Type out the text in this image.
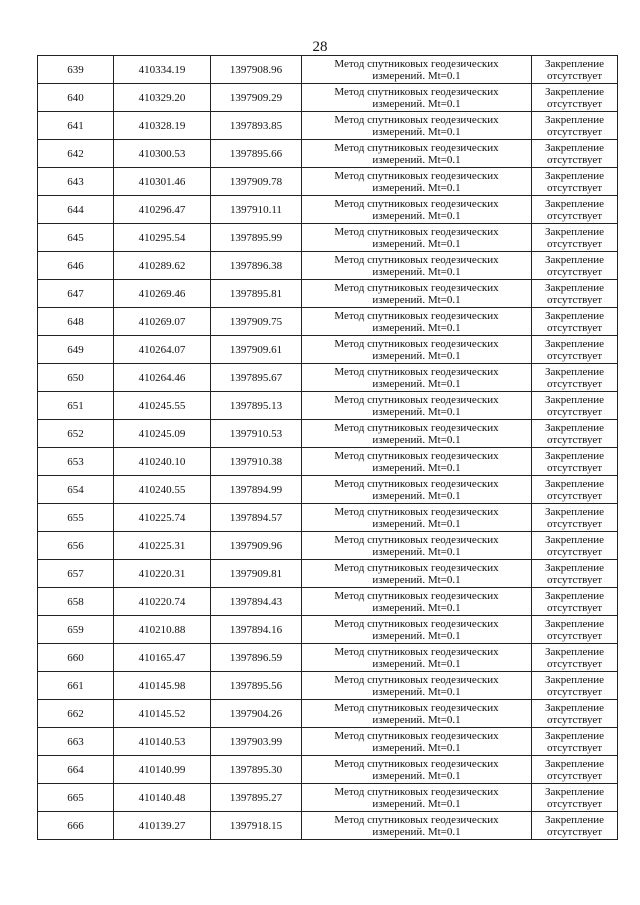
28
639	410334.19	1397908.96	Метод спутниковых геодезических
измерений. Mt=0.1	Закрепление
отсутствует

640	410329.20	1397909.29	Метод спутниковых геодезических
измерений. Mt=0.1	Закрепление
отсутствует

641	410328.19	1397893.85	Метод спутниковых геодезических
измерений. Mt=0.1	Закрепление
отсутствует

642	410300.53	1397895.66	Метод спутниковых геодезических
измерений. Mt=0.1	Закрепление
отсутствует

643	410301.46	1397909.78	Метод спутниковых геодезических
измерений. Mt=0.1	Закрепление
отсутствует

644	410296.47	1397910.11	Метод спутниковых геодезических
измерений. Mt=0.1	Закрепление
отсутствует

645	410295.54	1397895.99	Метод спутниковых геодезических
измерений. Mt=0.1	Закрепление
отсутствует

646	410289.62	1397896.38	Метод спутниковых геодезических
измерений. Mt=0.1	Закрепление
отсутствует

647	410269.46	1397895.81	Метод спутниковых геодезических
измерений. Mt=0.1	Закрепление
отсутствует

648	410269.07	1397909.75	Метод спутниковых геодезических
измерений. Mt=0.1	Закрепление
отсутствует

649	410264.07	1397909.61	Метод спутниковых геодезических
измерений. Mt=0.1	Закрепление
отсутствует

650	410264.46	1397895.67	Метод спутниковых геодезических
измерений. Mt=0.1	Закрепление
отсутствует

651	410245.55	1397895.13	Метод спутниковых геодезических
измерений. Mt=0.1	Закрепление
отсутствует

652	410245.09	1397910.53	Метод спутниковых геодезических
измерений. Mt=0.1	Закрепление
отсутствует

653	410240.10	1397910.38	Метод спутниковых геодезических
измерений. Mt=0.1	Закрепление
отсутствует

654	410240.55	1397894.99	Метод спутниковых геодезических
измерений. Mt=0.1	Закрепление
отсутствует

655	410225.74	1397894.57	Метод спутниковых геодезических
измерений. Mt=0.1	Закрепление
отсутствует

656	410225.31	1397909.96	Метод спутниковых геодезических
измерений. Mt=0.1	Закрепление
отсутствует

657	410220.31	1397909.81	Метод спутниковых геодезических
измерений. Mt=0.1	Закрепление
отсутствует

658	410220.74	1397894.43	Метод спутниковых геодезических
измерений. Mt=0.1	Закрепление
отсутствует

659	410210.88	1397894.16	Метод спутниковых геодезических
измерений. Mt=0.1	Закрепление
отсутствует

660	410165.47	1397896.59	Метод спутниковых геодезических
измерений. Mt=0.1	Закрепление
отсутствует

661	410145.98	1397895.56	Метод спутниковых геодезических
измерений. Mt=0.1	Закрепление
отсутствует

662	410145.52	1397904.26	Метод спутниковых геодезических
измерений. Mt=0.1	Закрепление
отсутствует

663	410140.53	1397903.99	Метод спутниковых геодезических
измерений. Mt=0.1	Закрепление
отсутствует

664	410140.99	1397895.30	Метод спутниковых геодезических
измерений. Mt=0.1	Закрепление
отсутствует

665	410140.48	1397895.27	Метод спутниковых геодезических
измерений. Mt=0.1	Закрепление
отсутствует

666	410139.27	1397918.15	Метод спутниковых геодезических
измерений. Mt=0.1	Закрепление
отсутствует
